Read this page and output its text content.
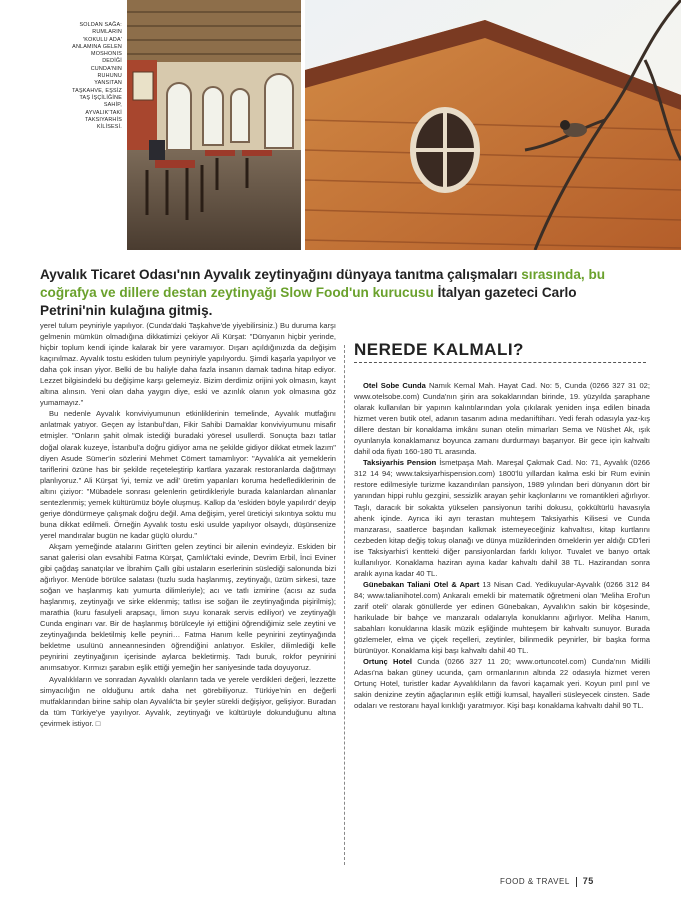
SOLDAN SAĞA: RUMLARIN 'KOKULU ADA' ANLAMINA GELEN MOSHONIS DEDİĞİ CUNDA'NIN RUHUNU YANSITAN TAŞKAHVE, EŞSİZ TAŞ İŞÇİLİĞİNE SAHİP, AYVALIK'TAKİ TAKSIYARHİS KİLİSESİ.
Ayvalık Ticaret Odası'nın Ayvalık zeytinyağını dünyaya tanıtma çalışmaları sırasında, bu coğrafya ve dillere destan zeytinyağı Slow Food'un kurucusu İtalyan gazeteci Carlo Petrini'nin kulağına gitmiş.

yerel tulum peyniriyle yapılıyor. (Cunda'daki Taşkahve'de yiyebilirsiniz.) Bu duruma karşı gelmenin mümkün olmadığına dikkatimizi çekiyor Ali Kürşat: "Dünyanın hiçbir yerinde, hiçbir toplum kendi içinde kalarak bir yere varamıyor. Dışarı açıldığınızda da değişim kaçınılmaz. Ayvalık tostu eskiden tulum peyniriyle yapılıyordu. Şimdi kaşarla yapılıyor ve daha çok insan yiyor. Belki de bu haliyle daha fazla insanın damak tadına hitap ediyor. Lezzet bilgisindeki bu değişime karşı gelemeyiz. Bizim derdimiz orijini yok olmasın, kayıt altına alınsın. Yeni olan daha yaygın diye, eski ve azınlık olanın yok olmasına göz yumamayız."

Bu nedenle Ayvalık konviviyumunun etkinliklerinin temelinde, Ayvalık mutfağını anlatmak yatıyor. Geçen ay İstanbul'dan, Fikir Sahibi Damaklar konviviyumunu misafir etmişler. "Onların şahit olmak istediği buradaki yöresel usullerdi. Sonuçta bazı tatlar doğal olarak kuzeye, İstanbul'a doğru gidiyor ama ne şekilde gidiyor dikkat etmek lazım" diyen Asude Sümer'in sözlerini Mehmet Cömert tamamlıyor: "Ayvalık'a ait yemeklerin tariflerini özüne has bir şekilde reçeteleştirip kartlara yazarak restoranlarda dağıtmayı planlıyoruz." Ali Kürşat 'iyi, temiz ve adil' üretim yapanları koruma hedeflediklerinin de altını çiziyor: "Mübadele sonrası gelenlerin getirdikleriyle burada kalanlardan alınanlar sentezlenmiş; yemek kültürümüz böyle oluşmuş. Kalkıp da 'eskiden böyle yapılırdı' deyip geriye döndürmeye çalışmak doğru değil. Ama değişim, yerel üreticiyi sıkıntıya soktu mu buna dikkat edilmeli. Örneğin Ayvalık tostu eski usulde yapılıyor olsaydı, düşünsenize yerel mandıralar bugün ne kadar güçlü olurdu."

Akşam yemeğinde atalarını Girit'ten gelen zeytinci bir ailenin evindeyiz. Eskiden bir sanat galerisi olan evsahibi Fatma Kürşat, Çamlık'taki evinde, Devrim Erbil, İnci Eviner gibi çağdaş sanatçılar ve İbrahim Çallı gibi ustaların eserlerinin süslediği salonunda bizi ağırlıyor. Menüde börülce salatası (tuzlu suda haşlanmış, zeytinyağı, üzüm sirkesi, taze soğan ve haşlanmış katı yumurta dilimleriyle); acı ve tatlı izmirine (acısı az suda haşlanmış, zeytinyağı ve sirke eklenmiş; tatlısı ise soğan ile zeytinyağında pişirilmiş); marathia (kuru fasulyeli arapsaçı, limon suyu konarak servis ediliyor) ve zeytinyağlı Cunda enginarı var. Bir de haşlanmış börülceyle iyi ettiğini öğrendiğimiz sele zeytini ve zeytinyağında bekletilmiş kelle peyniri… Fatma Hanım kelle peynirini zeytinyağında bekletme usulünü anneannesinden öğrendiğini anlatıyor. Eskiler, dilimlediği kelle peynirini zeytinyağının içerisinde aylarca bekletirmiş. Tadı buruk, rokfor peynirini anımsatıyor. Kırmızı şarabın eşlik ettiği yemeğin her saniyesinde tada doyuyoruz.

Ayvalıklıların ve sonradan Ayvalıklı olanların tada ve yerele verdikleri değeri, lezzette simyacılığın ne olduğunu artık daha net görebiliyoruz. Türkiye'nin en değerli mutfaklarından birine sahip olan Ayvalık'ta bir şeyler sürekli değişiyor, gelişiyor. Buradan da tüm Türkiye'ye yayılıyor. Ayvalık, zeytinyağı ve kültürüyle dokunduğunu altına çevirmek istiyor. □

NEREDE KALMALI?

Otel Sobe Cunda Namık Kemal Mah. Hayat Cad. No: 5, Cunda (0266 327 31 02; www.otelsobe.com) Cunda'nın şirin ara sokaklarından birinde, 19. yüzyılda şaraphane olarak kullanılan bir yapının kalıntılarından yola çıkılarak yeniden inşa edilen binada hizmet veren butik otel, adanın tasarım adına medarıiftiharı. Yedi ferah odasıyla yaz-kış dillere destan bir konaklama imkânı sunan otelin mimarları Sema ve Nüshet Ak, ışık oyunlarıyla konaklamanız boyunca zamanı durdurmayı başarıyor. Bir gece için kahvaltı dahil oda fiyatı 160-180 TL arasında.

Taksiyarhis Pension İsmetpaşa Mah. Mareşal Çakmak Cad. No: 71, Ayvalık (0266 312 14 94; www.taksiyarhispension.com) 1800'lü yıllardan kalma eski bir Rum evinin restore edilmesiyle turizme kazandırılan pansiyon, 1989 yılından beri dünyanın dört bir yanından hippi ruhlu gezgini, sessizlik arayan şehir kaçkınlarını ve romantikleri ağırlıyor. Taşlı, daracık bir sokakta yükselen pansiyonun tarihi dokusu, çokkültürlü havasıyla ahenk içinde. Ayrıca iki ayrı terastan muhteşem Taksiyarhis Kilisesi ve Cunda manzarası, saatlerce başından kalkmak istemeyeceğiniz kahvaltısı, kitap kurtlarını cezbeden kitap değiş tokuş olanağı ve dünya müziklerinden örneklerin yer aldığı CD'leri ise Taksiyarhis'i kentteki diğer pansiyonlardan farklı kılıyor. Tuvalet ve banyo ortak kullanılıyor. Konaklama haziran ayına kadar kahvaltı dahil 38 TL. Hazirandan sonra aralık ayına kadar 40 TL.

Günebakan Taliani Otel & Apart 13 Nisan Cad. Yedikuyular-Ayvalık (0266 312 84 84; www.talianihotel.com) Ankaralı emekli bir matematik öğretmeni olan 'Meliha Erol'un zarif oteli' olarak gönüllerde yer edinen Günebakan, Ayvalık'ın sakin bir köşesinde, harikulade bir bahçe ve manzaralı odalarıyla konuklarını ağırlıyor. Meliha Hanım, sabahları konuklarına klasik müzik eşliğinde muhteşem bir kahvaltı sunuyor. Burada gözlemeler, elma ve çiçek reçelleri, zeytinler, bilinmedik peynirler, bir başka forma bürünüyor. Konaklama kişi başı kahvaltı dahil 40 TL.

Ortunç Hotel Cunda (0266 327 11 20; www.ortuncotel.com) Cunda'nın Midilli Adası'na bakan güney ucunda, çam ormanlarının altında 22 odasıyla hizmet veren Ortunç Hotel, turistler kadar Ayvalıklıların da favori kaçamak yeri. Koyun pırıl pırıl ve sakin denizine zeytin ağaçlarının eşlik ettiği kumsal, hayalleri süsleyecek cinsten. Sade odaları ve restoranı hayal kırıklığı yaratmıyor. Kişi başı konaklama kahvaltı dahil 90 TL.

FOOD & TRAVEL 75
